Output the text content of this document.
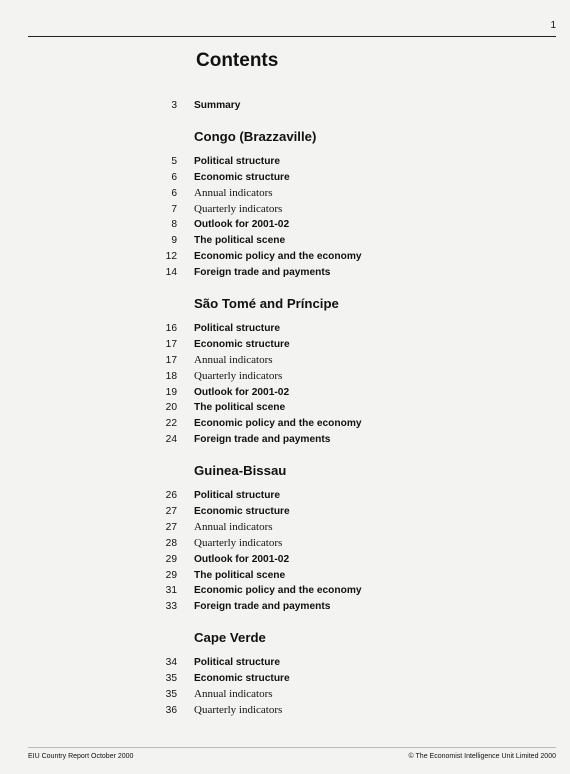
1
Contents
3 Summary
Congo (Brazzaville)
5 Political structure
6 Economic structure
6 Annual indicators
7 Quarterly indicators
8 Outlook for 2001-02
9 The political scene
12 Economic policy and the economy
14 Foreign trade and payments
São Tomé and Príncipe
16 Political structure
17 Economic structure
17 Annual indicators
18 Quarterly indicators
19 Outlook for 2001-02
20 The political scene
22 Economic policy and the economy
24 Foreign trade and payments
Guinea-Bissau
26 Political structure
27 Economic structure
27 Annual indicators
28 Quarterly indicators
29 Outlook for 2001-02
29 The political scene
31 Economic policy and the economy
33 Foreign trade and payments
Cape Verde
34 Political structure
35 Economic structure
35 Annual indicators
36 Quarterly indicators
EIU Country Report October 2000	© The Economist Intelligence Unit Limited 2000
